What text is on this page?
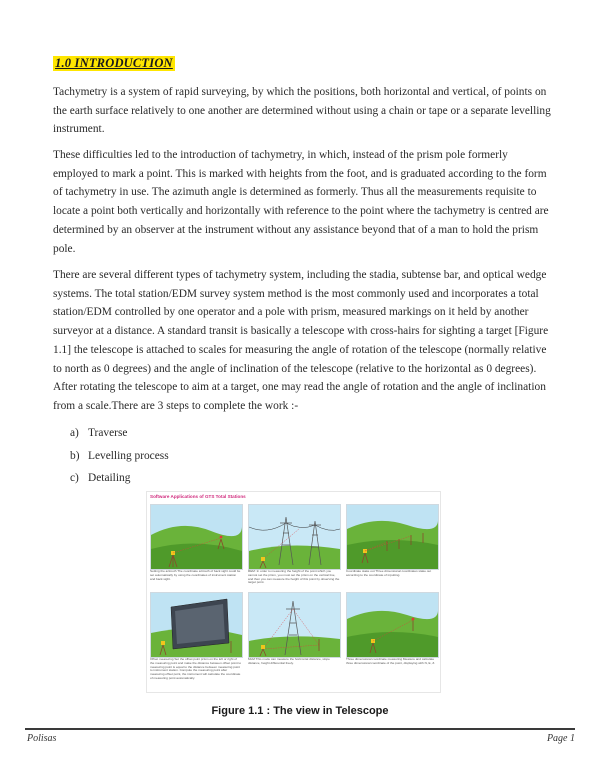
1.0 INTRODUCTION

Tachymetry is a system of rapid surveying, by which the positions, both horizontal and vertical, of points on the earth surface relatively to one another are determined without using a chain or tape or a separate levelling instrument.

These difficulties led to the introduction of tachymetry, in which, instead of the prism pole formerly employed to mark a point. This is marked with heights from the foot, and is graduated according to the form of tachymetry in use. The azimuth angle is determined as formerly. Thus all the measurements requisite to locate a point both vertically and horizontally with reference to the point where the tachymetry is centred are determined by an observer at the instrument without any assistance beyond that of a man to hold the prism pole.

There are several different types of tachymetry system, including the stadia, subtense bar, and optical wedge systems. The total station/EDM survey system method is the most commonly used and incorporates a total station/EDM controlled by one operator and a pole with prism, measured markings on it held by another surveyor at a distance. A standard transit is basically a telescope with cross-hairs for sighting a target [Figure 1.1] the telescope is attached to scales for measuring the angle of rotation of the telescope (normally relative to north as 0 degrees) and the angle of inclination of the telescope (relative to the horizontal as 0 degrees). After rotating the telescope to aim at a target, one may read the angle of rotation and the angle of inclination from a scale.There are 3 steps to complete the work :-

a) Traverse
b) Levelling process
c) Detailing
Software Applications of GTS Total Stations
Setting the azimuth The coordinate azimuth of back sight could be set automatically by using the coordinates of instrument station and back sight.
REM: In order to measuring the height of the point which you cannot set the prism, you must set the prism on the vertical line, and then you can measure the height of this point by observing the target point.
Coordinate stake out Three dimensional coordinates stake out according to the coordinate of inputting.
Offset measuring Set the offset point prism on the left or right of the measuring point and make the distance between offset point to measuring point is equal to the distance between measuring point to instrument station. Compute the measuring point after measuring offset point, the instrument will calculate the coordinate of measuring point automatically.
MLM This mode can measure the horizontal distance, slope distance, height differential freely.
Three dimensional coordinate measuring Measure and calculate three dimensional coordinate of the point, displaying with N, E, Z.
Figure 1.1 : The view in Telescope
Polisas	Page 1
